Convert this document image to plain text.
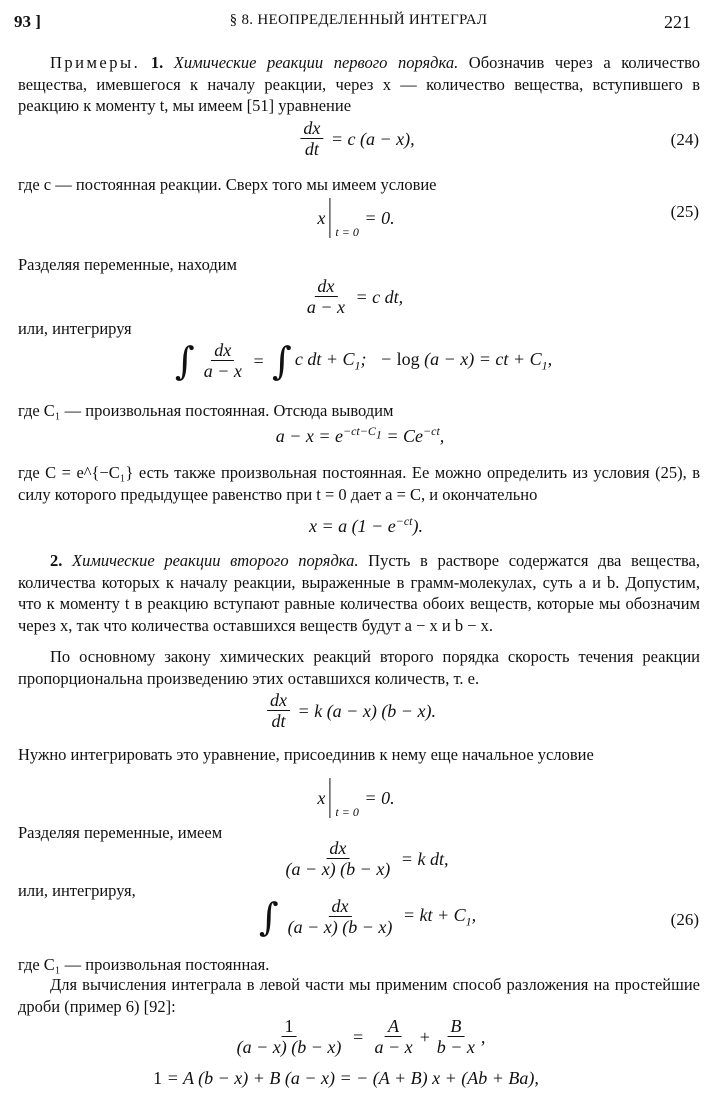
93 ]	§ 8. НЕОПРЕДЕЛЕННЫЙ ИНТЕГРАЛ	221
Примеры. 1. Химические реакции первого порядка. Обозначив через a количество вещества, имевшегося к началу реакции, через x — количество вещества, вступившего в реакцию к моменту t, мы имеем [51] уравнение
$\frac{dx}{dt} = c$ (a − x),	(24)
где c — постоянная реакции. Сверх того мы имеем условие
x
t = 0
= 0.	(25)
Разделяя переменные, находим
$\frac{dx}{a - x} = c$ dt,
или, интегрируя
∫ $\frac{dx}{a - x}$ = ∫ c dt + $C_1$;   − log (a − x) = ct + $C_1$,
где C₁ — произвольная постоянная. Отсюда выводим
$a - x = e^{-ct-C_1} = Ce^{-ct}$,
где C = e^{−C₁} есть также произвольная постоянная. Ее можно определить из условия (25), в силу которого предыдущее равенство при t = 0 дает a = C, и окончательно
x = a $(1 - e^{-ct})$.
2. Химические реакции второго порядка. Пусть в растворе содержатся два вещества, количества которых к началу реакции, выраженные в грамм-молекулах, суть a и b. Допустим, что к моменту t в реакцию вступают равные количества обоих веществ, которые мы обозначим через x, так что количества оставшихся веществ будут a − x и b − x.
По основному закону химических реакций второго порядка скорость течения реакции пропорциональна произведению этих оставшихся количеств, т. е.
$\frac{dx}{dt} = k$ (a − x) (b − x).
Нужно интегрировать это уравнение, присоединив к нему еще начальное условие
x
t = 0
= 0.
Разделяя переменные, имеем
$\frac{dx}{(a - x) (b - x)} = k$ dt,
или, интегрируя,
∫ $\frac{dx}{(a - x) (b - x)}$ = kt + $C_1$,	(26)
где C₁ — произвольная постоянная.
Для вычисления интеграла в левой части мы применим способ разложения на простейшие дроби (пример 6) [92]:
$\frac{1}{(a - x) (b - x)} = \frac{A}{a - x} + \frac{B}{b - x}$ ,
1 = A (b − x) + B (a − x) = − (A + B) x + (Ab + Ba),
